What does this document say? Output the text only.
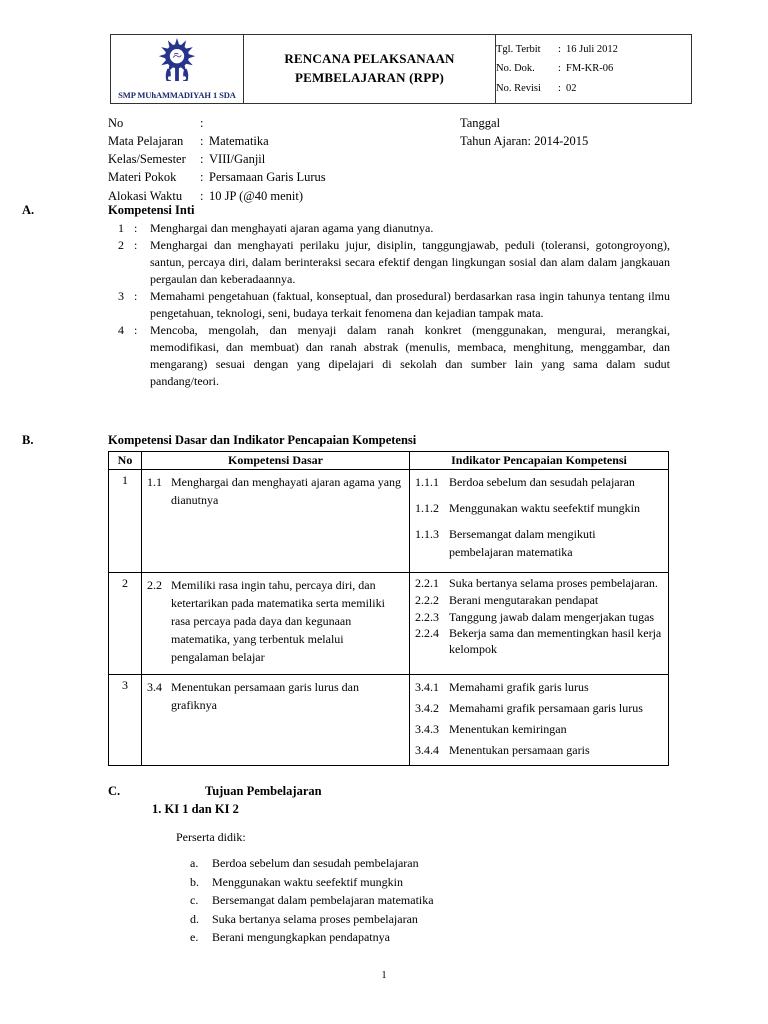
SMP MUhAMMADIYAH 1 SDA

RENCANA PELAKSANAAN
PEMBELAJARAN (RPP)

Tgl. Terbit : 16 Juli 2012
No. Dok. : FM-KR-06
No. Revisi : 02
No	:	Tanggal
Mata Pelajaran	: Matematika	Tahun Ajaran: 2014-2015
Kelas/Semester	: VIII/Ganjil
Materi Pokok	: Persamaan Garis Lurus
Alokasi Waktu	: 10 JP (@40 menit)
A.	Kompetensi Inti
1 :	Menghargai dan menghayati ajaran agama yang dianutnya.
2 :	Menghargai dan menghayati perilaku jujur, disiplin, tanggungjawab, peduli (toleransi, gotongroyong), santun, percaya diri, dalam berinteraksi secara efektif dengan lingkungan sosial dan alam dalam jangkauan pergaulan dan keberadaannya.
3 :	Memahami pengetahuan (faktual, konseptual, dan prosedural) berdasarkan rasa ingin tahunya tentang ilmu pengetahuan, teknologi, seni, budaya terkait fenomena dan kejadian tampak mata.
4 :	Mencoba, mengolah, dan menyaji dalam ranah konkret (menggunakan, mengurai, merangkai, memodifikasi, dan membuat) dan ranah abstrak (menulis, membaca, menghitung, menggambar, dan mengarang) sesuai dengan yang dipelajari di sekolah dan sumber lain yang sama dalam sudut pandang/teori.
B.	Kompetensi Dasar dan Indikator Pencapaian Kompetensi
No	Kompetensi Dasar	Indikator Pencapaian Kompetensi
1	1.1 Menghargai dan menghayati ajaran agama yang dianutnya

1.1.1 Berdoa sebelum dan sesudah pelajaran
1.1.2 Menggunakan waktu seefektif mungkin
1.1.3 Bersemangat dalam mengikuti pembelajaran matematika

2	2.2 Memiliki rasa ingin tahu, percaya diri, dan ketertarikan pada matematika serta memiliki rasa percaya pada daya dan kegunaan matematika, yang terbentuk melalui pengalaman belajar

2.2.1 Suka bertanya selama proses pembelajaran.
2.2.2 Berani mengutarakan pendapat
2.2.3 Tanggung jawab dalam mengerjakan tugas
2.2.4 Bekerja sama dan mementingkan hasil kerja kelompok

3	3.4 Menentukan persamaan garis lurus dan grafiknya

3.4.1 Memahami grafik garis lurus
3.4.2 Memahami grafik persamaan garis lurus
3.4.3 Menentukan kemiringan
3.4.4 Menentukan persamaan garis
C.	Tujuan Pembelajaran
1. KI 1 dan KI 2
Perserta didik:
a.	Berdoa sebelum dan sesudah pembelajaran
b.	Menggunakan waktu seefektif mungkin
c.	Bersemangat dalam pembelajaran matematika
d.	Suka bertanya selama proses pembelajaran
e.	Berani mengungkapkan pendapatnya
1
